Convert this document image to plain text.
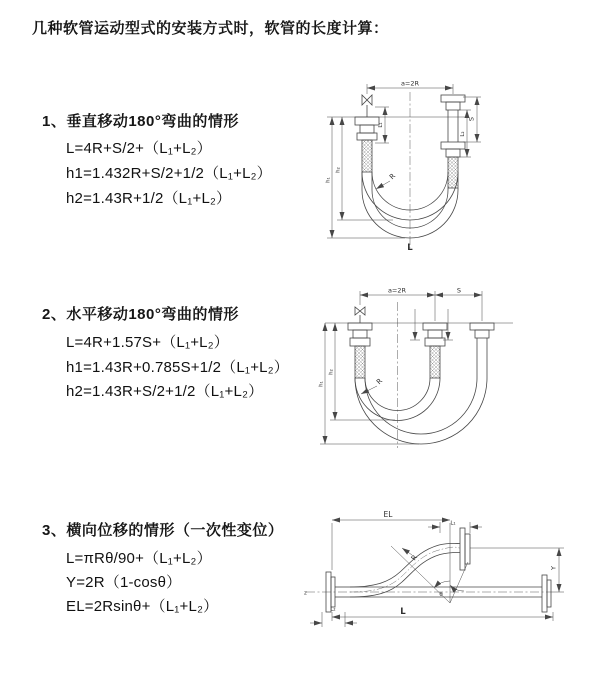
几种软管运动型式的安装方式时，软管的长度计算：
1、垂直移动180°弯曲的情形
L=4R+S/2+（L₁+L₂）
h1=1.432R+S/2+1/2（L₁+L₂）
h2=1.43R+1/2（L₁+L₂）
2、水平移动180°弯曲的情形
L=4R+1.57S+（L₁+L₂）
h1=1.43R+0.785S+1/2（L₁+L₂）
h2=1.43R+S/2+1/2（L₁+L₂）
3、横向位移的情形（一次性变位）
L=πRθ/90+（L₁+L₂）
Y=2R（1-cosθ）
EL=2Rsinθ+（L₁+L₂）
a=2R
S
L₂
L₁
h₁
h₂
R
L
a=2R	S
h₁
h₂
R
z
EL
L₁
Y
L₂
θ
R
L
